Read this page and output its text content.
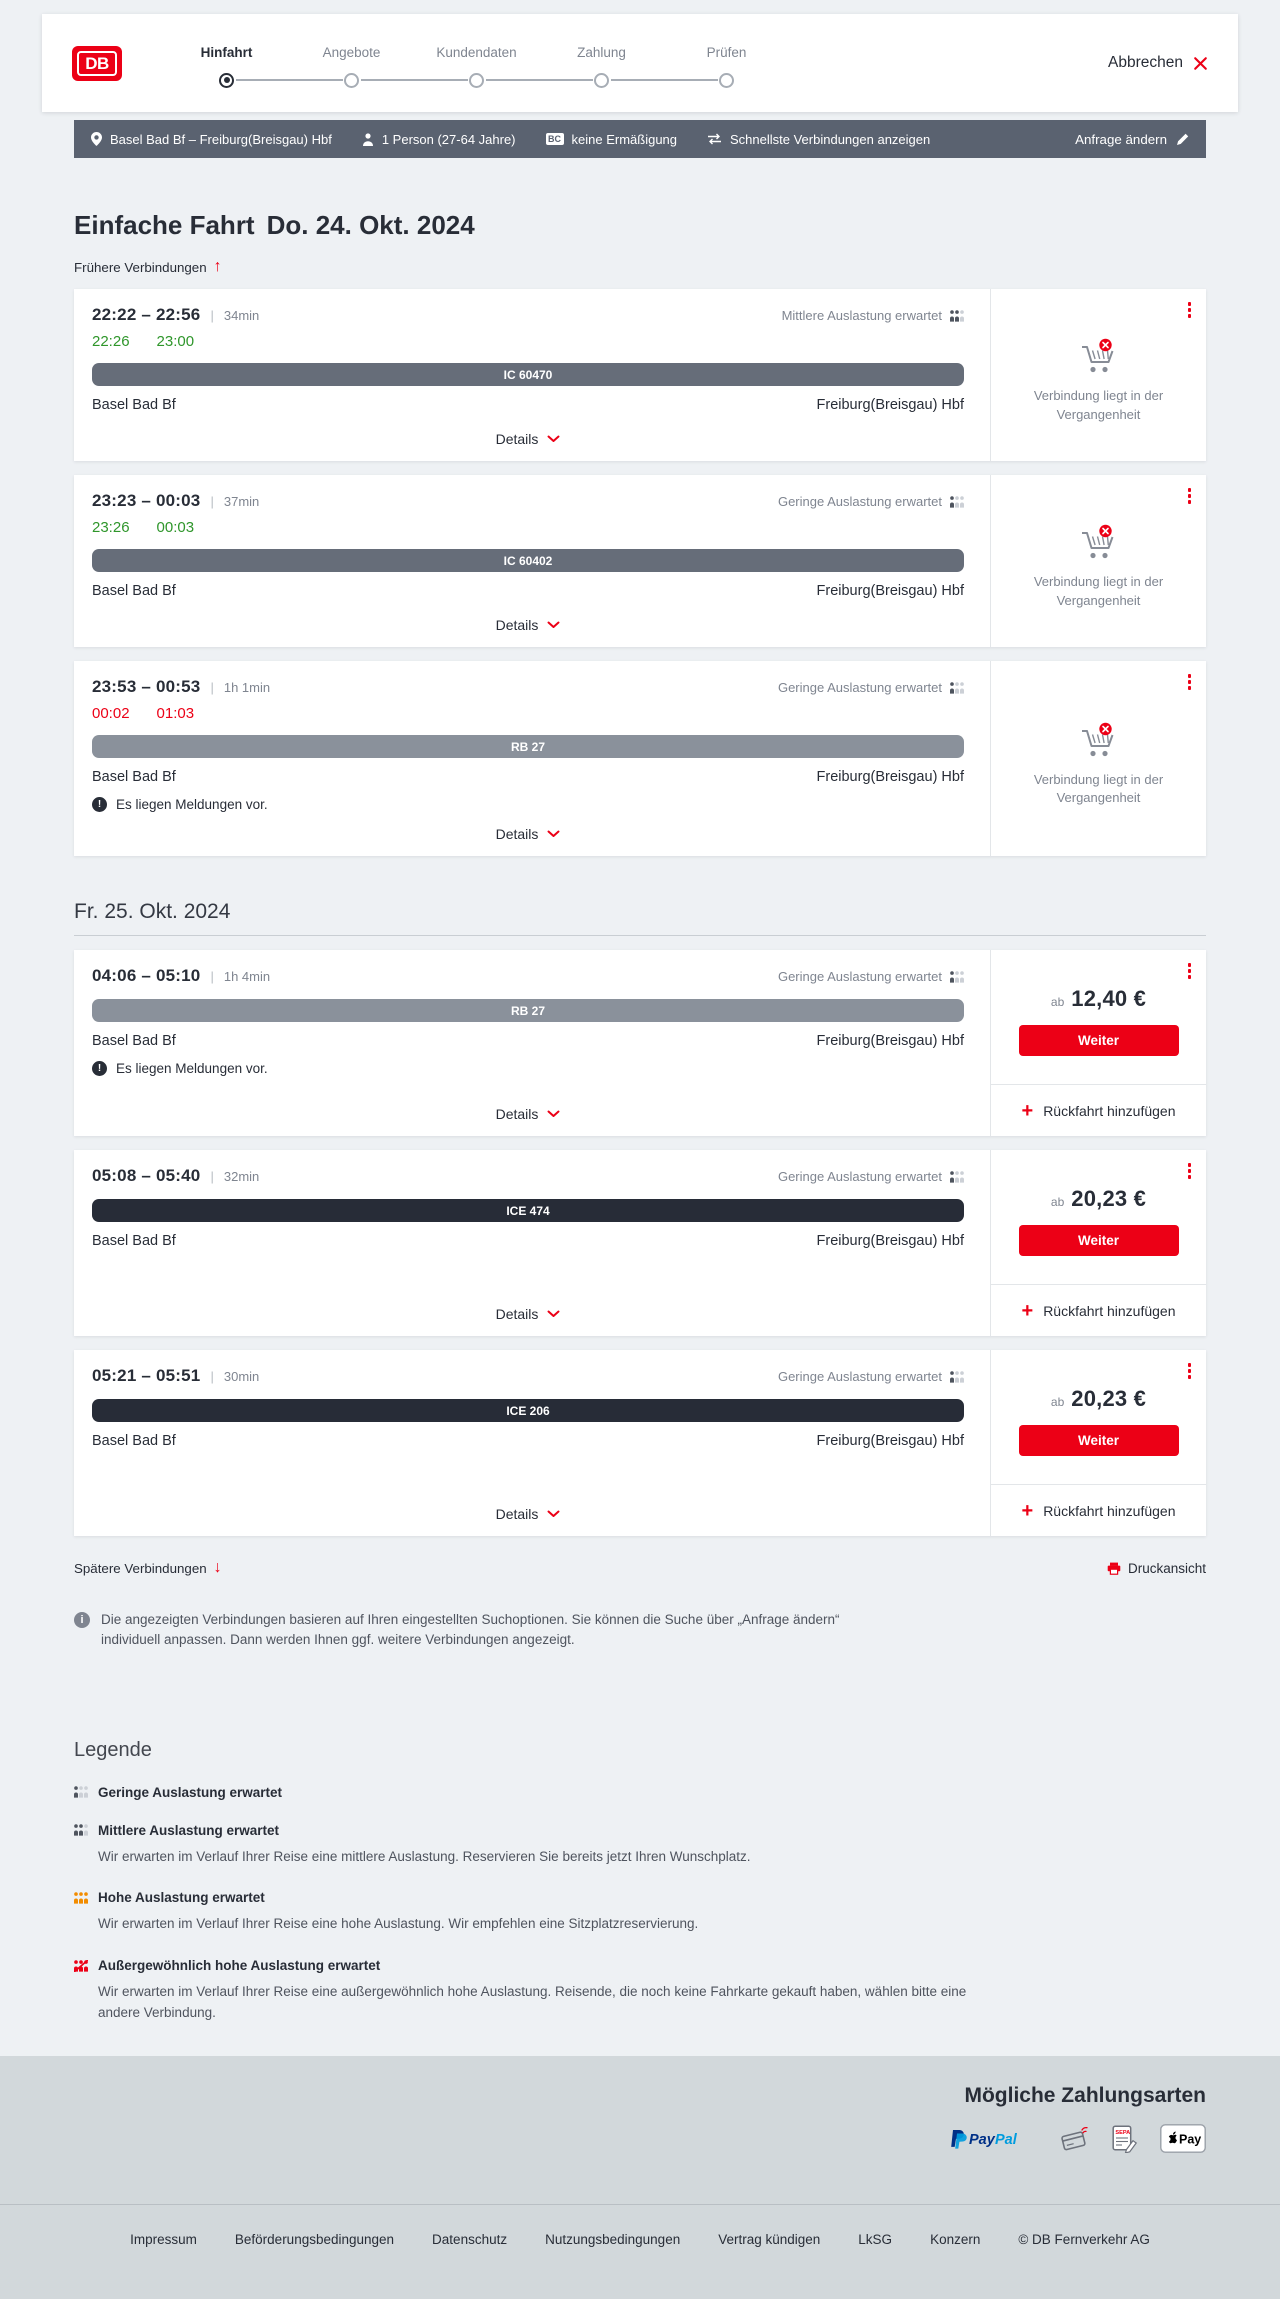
DB
Hinfahrt	Angebote	Kundendaten	Zahlung	Prüfen
Abbrechen
Basel Bad Bf – Freiburg(Breisgau) Hbf	1 Person (27-64 Jahre)	BC keine Ermäßigung	Schnellste Verbindungen anzeigen	Anfrage ändern
Einfache Fahrt Do. 24. Okt. 2024
Frühere Verbindungen ↑
22:22 – 22:56 | 34min	Mittlere Auslastung erwartet
22:26 23:00
IC 60470
Basel Bad Bf	Freiburg(Breisgau) Hbf
Details
Verbindung liegt in der Vergangenheit
23:23 – 00:03 | 37min	Geringe Auslastung erwartet
23:26 00:03
IC 60402
Basel Bad Bf	Freiburg(Breisgau) Hbf
Details
Verbindung liegt in der Vergangenheit
23:53 – 00:53 | 1h 1min	Geringe Auslastung erwartet
00:02 01:03
RB 27
Basel Bad Bf	Freiburg(Breisgau) Hbf
!	Es liegen Meldungen vor.
Details
Verbindung liegt in der Vergangenheit
Fr. 25. Okt. 2024
04:06 – 05:10 | 1h 4min	Geringe Auslastung erwartet
RB 27
Basel Bad Bf	Freiburg(Breisgau) Hbf
!	Es liegen Meldungen vor.
Details
ab 12,40 €
Weiter
+ Rückfahrt hinzufügen
05:08 – 05:40 | 32min	Geringe Auslastung erwartet
ICE 474
Basel Bad Bf	Freiburg(Breisgau) Hbf
Details
ab 20,23 €
Weiter
+ Rückfahrt hinzufügen
05:21 – 05:51 | 30min	Geringe Auslastung erwartet
ICE 206
Basel Bad Bf	Freiburg(Breisgau) Hbf
Details
ab 20,23 €
Weiter
+ Rückfahrt hinzufügen
Spätere Verbindungen ↓	Druckansicht
i	Die angezeigten Verbindungen basieren auf Ihren eingestellten Suchoptionen. Sie können die Suche über „Anfrage ändern“ individuell anpassen. Dann werden Ihnen ggf. weitere Verbindungen angezeigt.

Legende
Geringe Auslastung erwartet
Mittlere Auslastung erwartet

Wir erwarten im Verlauf Ihrer Reise eine mittlere Auslastung. Reservieren Sie bereits jetzt Ihren Wunschplatz.

Hohe Auslastung erwartet

Wir erwarten im Verlauf Ihrer Reise eine hohe Auslastung. Wir empfehlen eine Sitzplatzreservierung.

Außergewöhnlich hohe Auslastung erwartet

Wir erwarten im Verlauf Ihrer Reise eine außergewöhnlich hohe Auslastung. Reisende, die noch keine Fahrkarte gekauft haben, wählen bitte eine andere Verbindung.

Mögliche Zahlungsarten
Pay Pal	SEPA	Pay
Impressum	Beförderungsbedingungen	Datenschutz	Nutzungsbedingungen	Vertrag kündigen	LkSG	Konzern	© DB Fernverkehr AG
